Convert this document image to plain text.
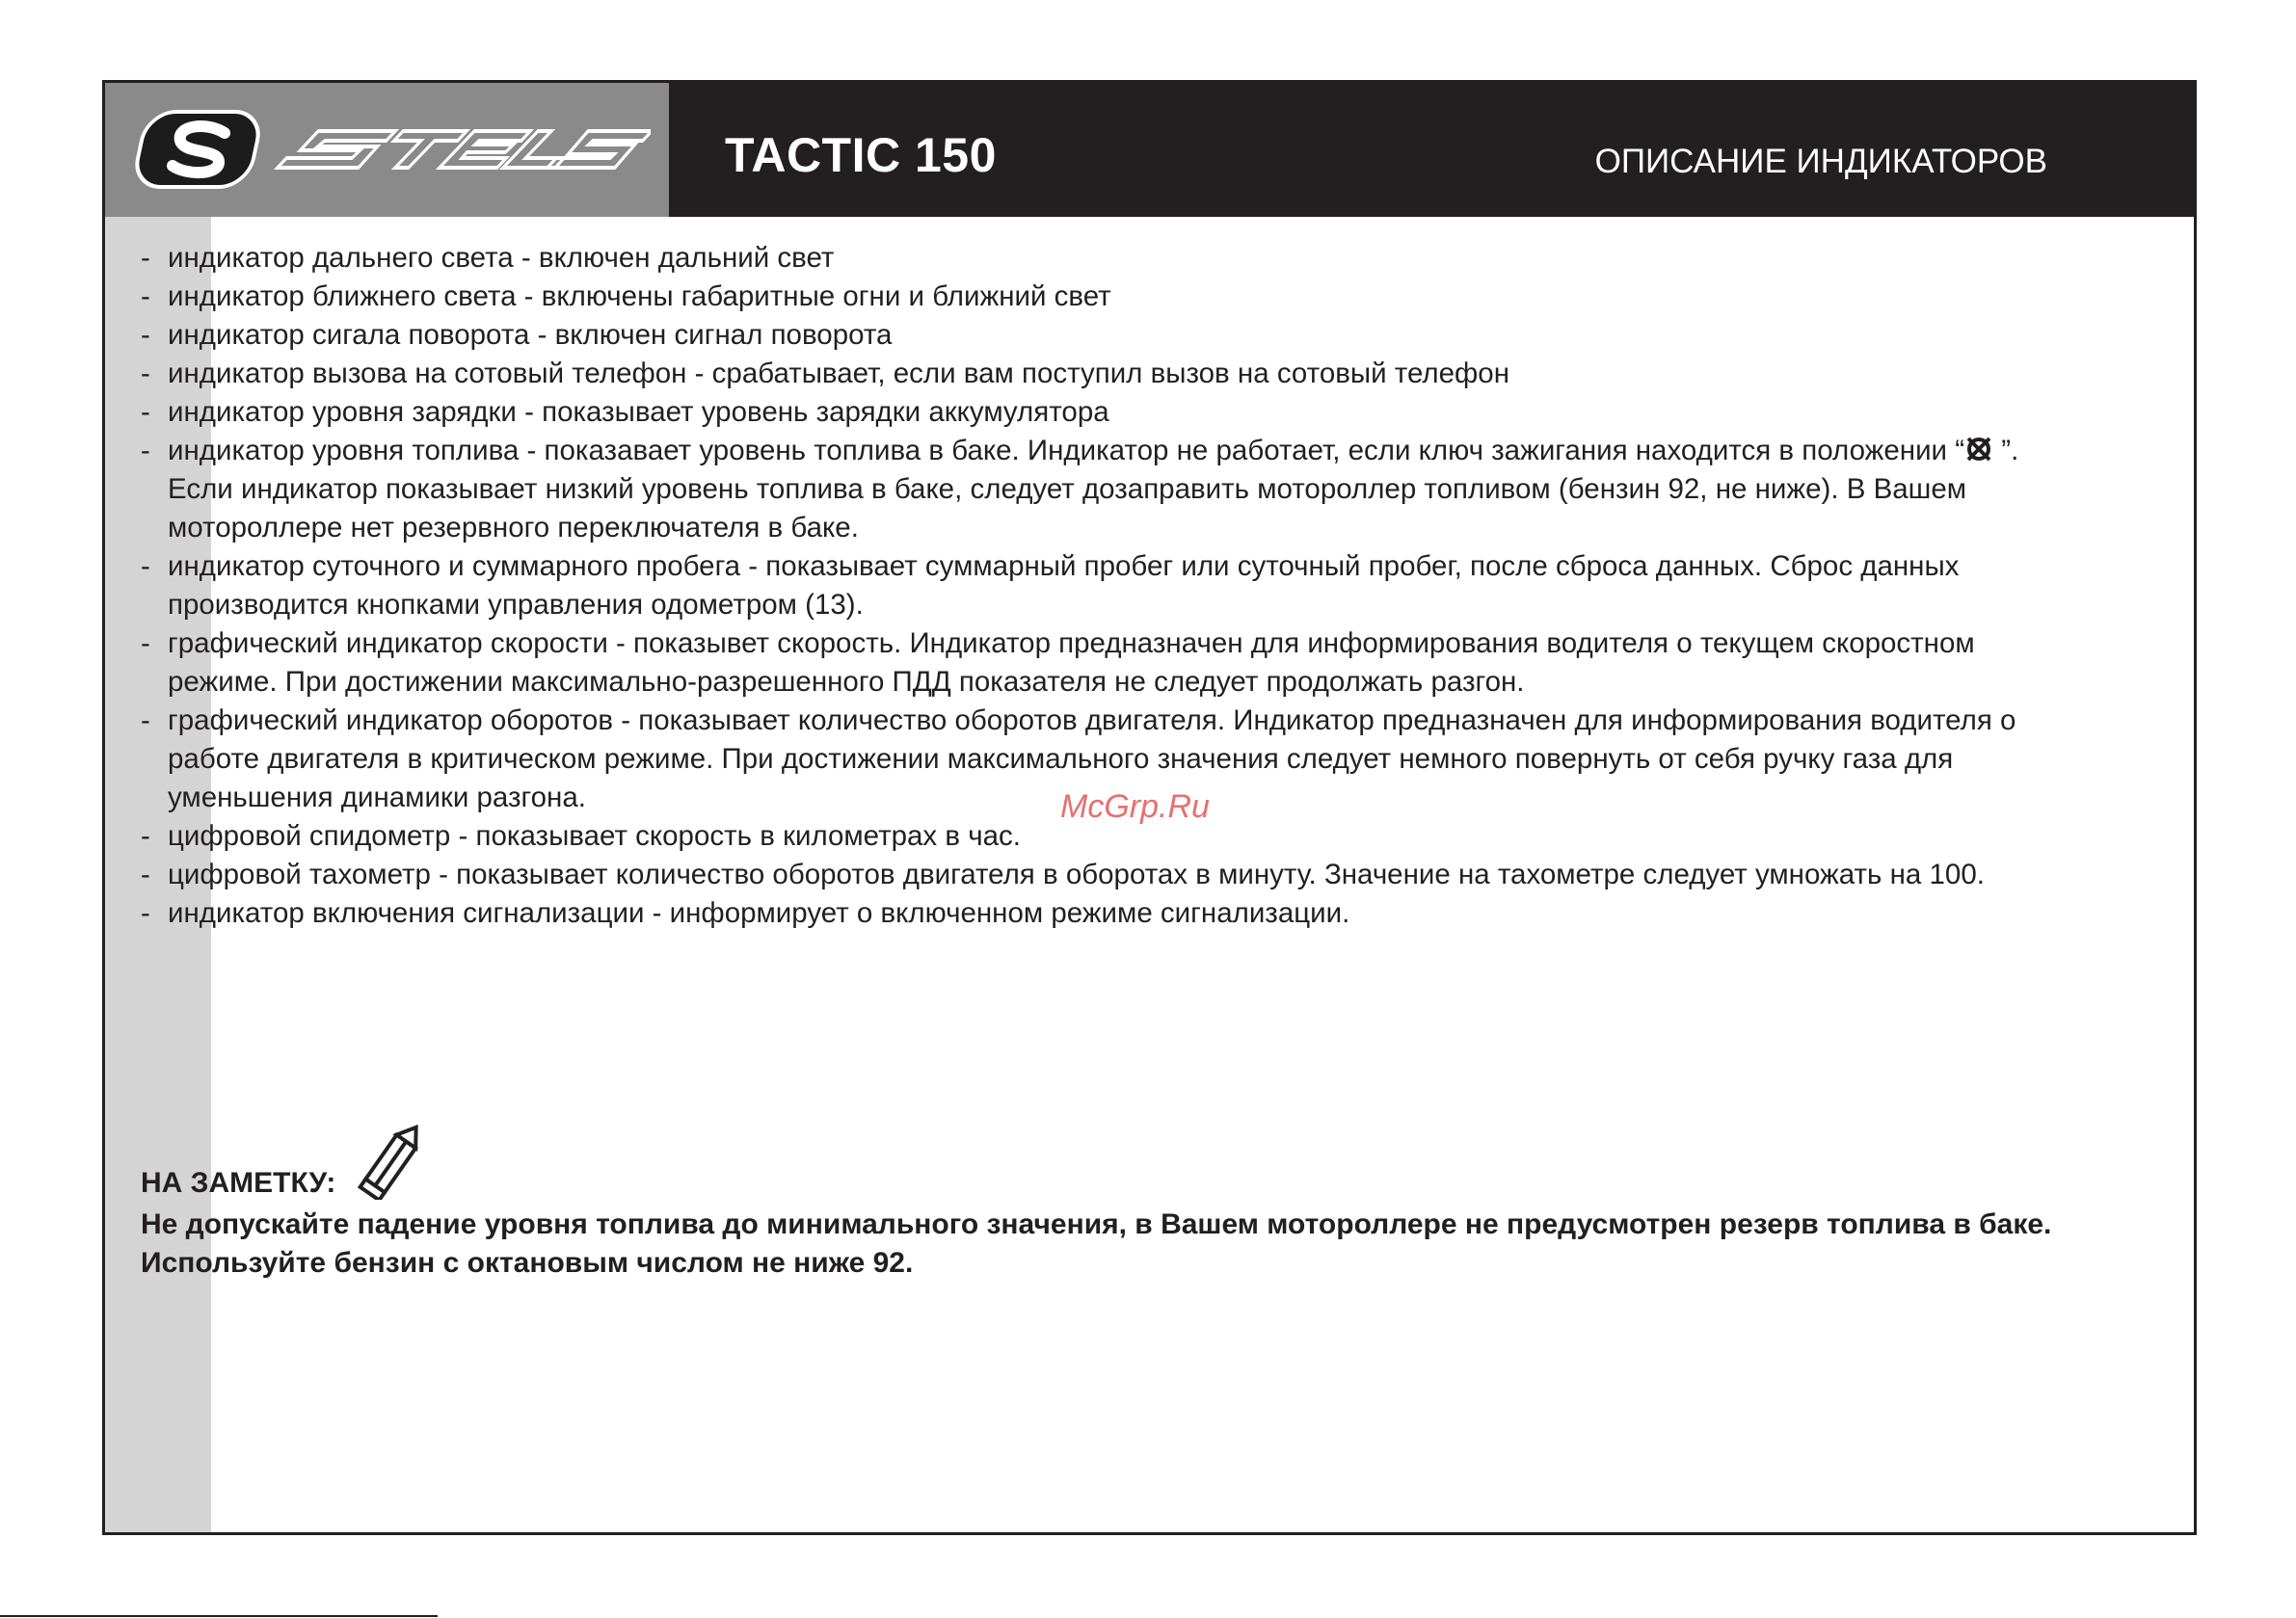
TACTIC 150	ОПИСАНИЕ ИНДИКАТОРОВ
- индикатор дальнего света - включен дальний свет
- индикатор ближнего света - включены габаритные огни и ближний свет
- индикатор сигала поворота - включен сигнал поворота
- индикатор вызова на сотовый телефон - срабатывает, если вам поступил вызов на сотовый телефон
- индикатор уровня зарядки - показывает уровень зарядки аккумулятора
- индикатор уровня топлива - показавает уровень топлива в баке. Индикатор не работает, если ключ зажигания находится в положении “ ”. Если индикатор показывает низкий уровень топлива в баке, следует дозаправить мотороллер топливом (бензин 92, не ниже). В Вашем мотороллере нет резервного переключателя в баке.
- индикатор суточного и суммарного пробега - показывает суммарный пробег или суточный пробег, после сброса данных. Сброс данных производится кнопками управления одометром (13).
- графический индикатор скорости - показывет скорость. Индикатор предназначен для информирования водителя о текущем скоростном режиме. При достижении максимально-разрешенного ПДД показателя не следует продолжать разгон.
- графический индикатор оборотов - показывает количество оборотов двигателя. Индикатор предназначен для информирования водителя о работе двигателя в критическом режиме. При достижении максимального значения следует немного повернуть от себя ручку газа для уменьшения динамики разгона.
- цифровой спидометр - показывает скорость в километрах в час.
- цифровой тахометр - показывает количество оборотов двигателя в оборотах в минуту. Значение на тахометре следует умножать на 100.
- индикатор включения сигнализации - информирует о включенном режиме сигнализации.
McGrp.Ru
НА ЗАМЕТКУ:
Не допускайте падение уровня топлива до минимального значения, в Вашем мотороллере не предусмотрен резерв топлива в баке. Используйте бензин с октановым числом не ниже 92.
